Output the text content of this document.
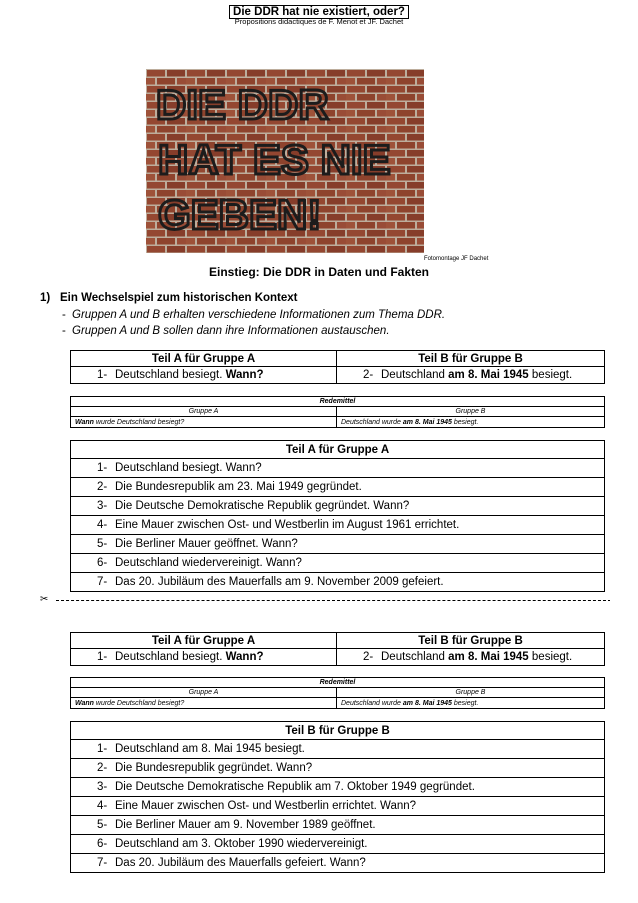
Die DDR hat nie existiert, oder?
Propositions didactiques de F. Menot et JF. Dachet
DIE DDR
HAT ES NIE
GEBEN!
Fotomontage JF Dachet
Einstieg: Die DDR in Daten und Fakten
1) Ein Wechselspiel zum historischen Kontext
- Gruppen A und B erhalten verschiedene Informationen zum Thema DDR.
- Gruppen A und B sollen dann ihre Informationen austauschen.
Teil A für Gruppe A	Teil B für Gruppe B
1- Deutschland besiegt. Wann?	2- Deutschland am 8. Mai 1945 besiegt.
Redemittel	
Gruppe A	Gruppe B
Wann wurde Deutschland besiegt?	Deutschland wurde am 8. Mai 1945 besiegt.
Teil A für Gruppe A
1- Deutschland besiegt. Wann?
2- Die Bundesrepublik am 23. Mai 1949 gegründet.
3- Die Deutsche Demokratische Republik gegründet. Wann?
4- Eine Mauer zwischen Ost- und Westberlin im August 1961 errichtet.
5- Die Berliner Mauer geöffnet. Wann?
6- Deutschland wiedervereinigt. Wann?
7- Das 20. Jubiläum des Mauerfalls am 9. November 2009 gefeiert.
✂
Teil A für Gruppe A	Teil B für Gruppe B
1- Deutschland besiegt. Wann?	2- Deutschland am 8. Mai 1945 besiegt.
Redemittel	
Gruppe A	Gruppe B
Wann wurde Deutschland besiegt?	Deutschland wurde am 8. Mai 1945 besiegt.
Teil B für Gruppe B
1- Deutschland am 8. Mai 1945 besiegt.
2- Die Bundesrepublik gegründet. Wann?
3- Die Deutsche Demokratische Republik am 7. Oktober 1949 gegründet.
4- Eine Mauer zwischen Ost- und Westberlin errichtet. Wann?
5- Die Berliner Mauer am 9. November 1989 geöffnet.
6- Deutschland am 3. Oktober 1990 wiedervereinigt.
7- Das 20. Jubiläum des Mauerfalls gefeiert. Wann?
